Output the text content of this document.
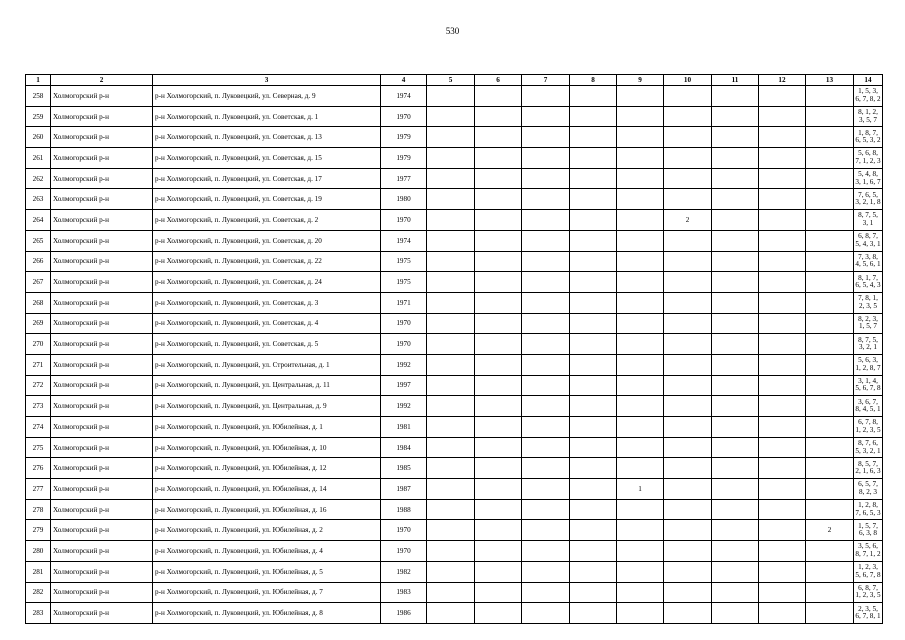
530
1	2	3	4	5	6	7	8	9	10	11	12	13	14
258	Холмогорский р-н	р-н Холмогорский, п. Луковецкий, ул. Северная, д. 9	1974										1, 5, 3, 6, 7, 8, 2
259	Холмогорский р-н	р-н Холмогорский, п. Луковецкий, ул. Советская, д. 1	1970										8, 1, 2, 3, 5, 7
260	Холмогорский р-н	р-н Холмогорский, п. Луковецкий, ул. Советская, д. 13	1979										1, 8, 7, 6, 5, 3, 2
261	Холмогорский р-н	р-н Холмогорский, п. Луковецкий, ул. Советская, д. 15	1979										5, 6, 8, 7, 1, 2, 3
262	Холмогорский р-н	р-н Холмогорский, п. Луковецкий, ул. Советская, д. 17	1977										5, 4, 8, 3, 1, 6, 7
263	Холмогорский р-н	р-н Холмогорский, п. Луковецкий, ул. Советская, д. 19	1980										7, 6, 5, 3, 2, 1, 8
264	Холмогорский р-н	р-н Холмогорский, п. Луковецкий, ул. Советская, д. 2	1970						2				8, 7, 5, 3, 1
265	Холмогорский р-н	р-н Холмогорский, п. Луковецкий, ул. Советская, д. 20	1974										6, 8, 7, 5, 4, 3, 1
266	Холмогорский р-н	р-н Холмогорский, п. Луковецкий, ул. Советская, д. 22	1975										7, 3, 8, 4, 5, 6, 1
267	Холмогорский р-н	р-н Холмогорский, п. Луковецкий, ул. Советская, д. 24	1975										8, 1, 7, 6, 5, 4, 3
268	Холмогорский р-н	р-н Холмогорский, п. Луковецкий, ул. Советская, д. 3	1971										7, 8, 1, 2, 3, 5
269	Холмогорский р-н	р-н Холмогорский, п. Луковецкий, ул. Советская, д. 4	1970										8, 2, 3, 1, 5, 7
270	Холмогорский р-н	р-н Холмогорский, п. Луковецкий, ул. Советская, д. 5	1970										8, 7, 5, 3, 2, 1
271	Холмогорский р-н	р-н Холмогорский, п. Луковецкий, ул. Строительная, д. 1	1992										5, 6, 3, 1, 2, 8, 7
272	Холмогорский р-н	р-н Холмогорский, п. Луковецкий, ул. Центральная, д. 11	1997										3, 1, 4, 5, 6, 7, 8
273	Холмогорский р-н	р-н Холмогорский, п. Луковецкий, ул. Центральная, д. 9	1992										3, 6, 7, 8, 4, 5, 1
274	Холмогорский р-н	р-н Холмогорский, п. Луковецкий, ул. Юбилейная, д. 1	1981										6, 7, 8, 1, 2, 3, 5
275	Холмогорский р-н	р-н Холмогорский, п. Луковецкий, ул. Юбилейная, д. 10	1984										8, 7, 6, 5, 3, 2, 1
276	Холмогорский р-н	р-н Холмогорский, п. Луковецкий, ул. Юбилейная, д. 12	1985										8, 5, 7, 2, 1, 6, 3
277	Холмогорский р-н	р-н Холмогорский, п. Луковецкий, ул. Юбилейная, д. 14	1987					1					6, 5, 7, 8, 2, 3
278	Холмогорский р-н	р-н Холмогорский, п. Луковецкий, ул. Юбилейная, д. 16	1988										1, 2, 8, 7, 6, 5, 3
279	Холмогорский р-н	р-н Холмогорский, п. Луковецкий, ул. Юбилейная, д. 2	1970									2	1, 5, 7, 6, 3, 8
280	Холмогорский р-н	р-н Холмогорский, п. Луковецкий, ул. Юбилейная, д. 4	1970										3, 5, 6, 8, 7, 1, 2
281	Холмогорский р-н	р-н Холмогорский, п. Луковецкий, ул. Юбилейная, д. 5	1982										1, 2, 3, 5, 6, 7, 8
282	Холмогорский р-н	р-н Холмогорский, п. Луковецкий, ул. Юбилейная, д. 7	1983										6, 8, 7, 1, 2, 3, 5
283	Холмогорский р-н	р-н Холмогорский, п. Луковецкий, ул. Юбилейная, д. 8	1986										2, 3, 5, 6, 7, 8, 1
